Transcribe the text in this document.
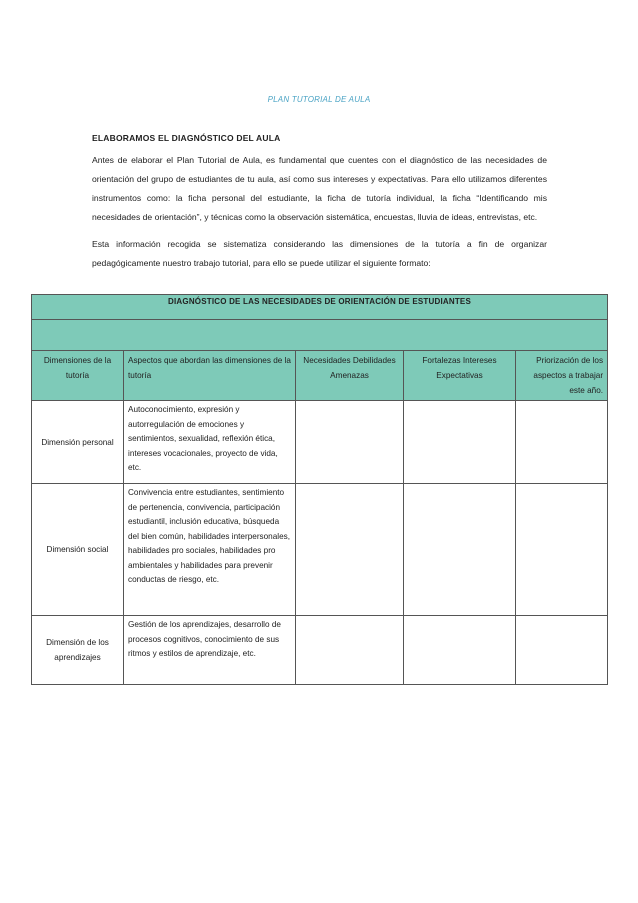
PLAN TUTORIAL DE AULA
ELABORAMOS EL DIAGNÓSTICO DEL AULA

Antes de elaborar el Plan Tutorial de Aula, es fundamental que cuentes con el diagnóstico de las necesidades de orientación del grupo de estudiantes de tu aula, así como sus intereses y expectativas. Para ello utilizamos diferentes instrumentos como: la ficha personal del estudiante, la ficha de tutoría individual, la ficha “Identificando mis necesidades de orientación”, y técnicas como la observación sistemática, encuestas, lluvia de ideas, entrevistas, etc.

Esta información recogida se sistematiza considerando las dimensiones de la tutoría a fin de organizar pedagógicamente nuestro trabajo tutorial, para ello se puede utilizar el siguiente formato:

DIAGNÓSTICO DE LAS NECESIDADES DE ORIENTACIÓN DE ESTUDIANTES				

Dimensiones de la tutoría	Aspectos que abordan las dimensiones de la tutoría	Necesidades Debilidades Amenazas	Fortalezas Intereses Expectativas	Priorización de los aspectos a trabajar este año.
Dimensión personal	Autoconocimiento, expresión y autorregulación de emociones y sentimientos, sexualidad, reflexión ética, intereses vocacionales, proyecto de vida, etc.			
Dimensión social	Convivencia entre estudiantes, sentimiento de pertenencia, convivencia, participación estudiantil, inclusión educativa, búsqueda del bien común, habilidades interpersonales, habilidades pro sociales, habilidades pro ambientales y habilidades para prevenir conductas de riesgo, etc.			
Dimensión de los aprendizajes	Gestión de los aprendizajes, desarrollo de procesos cognitivos, conocimiento de sus ritmos y estilos de aprendizaje, etc.			
